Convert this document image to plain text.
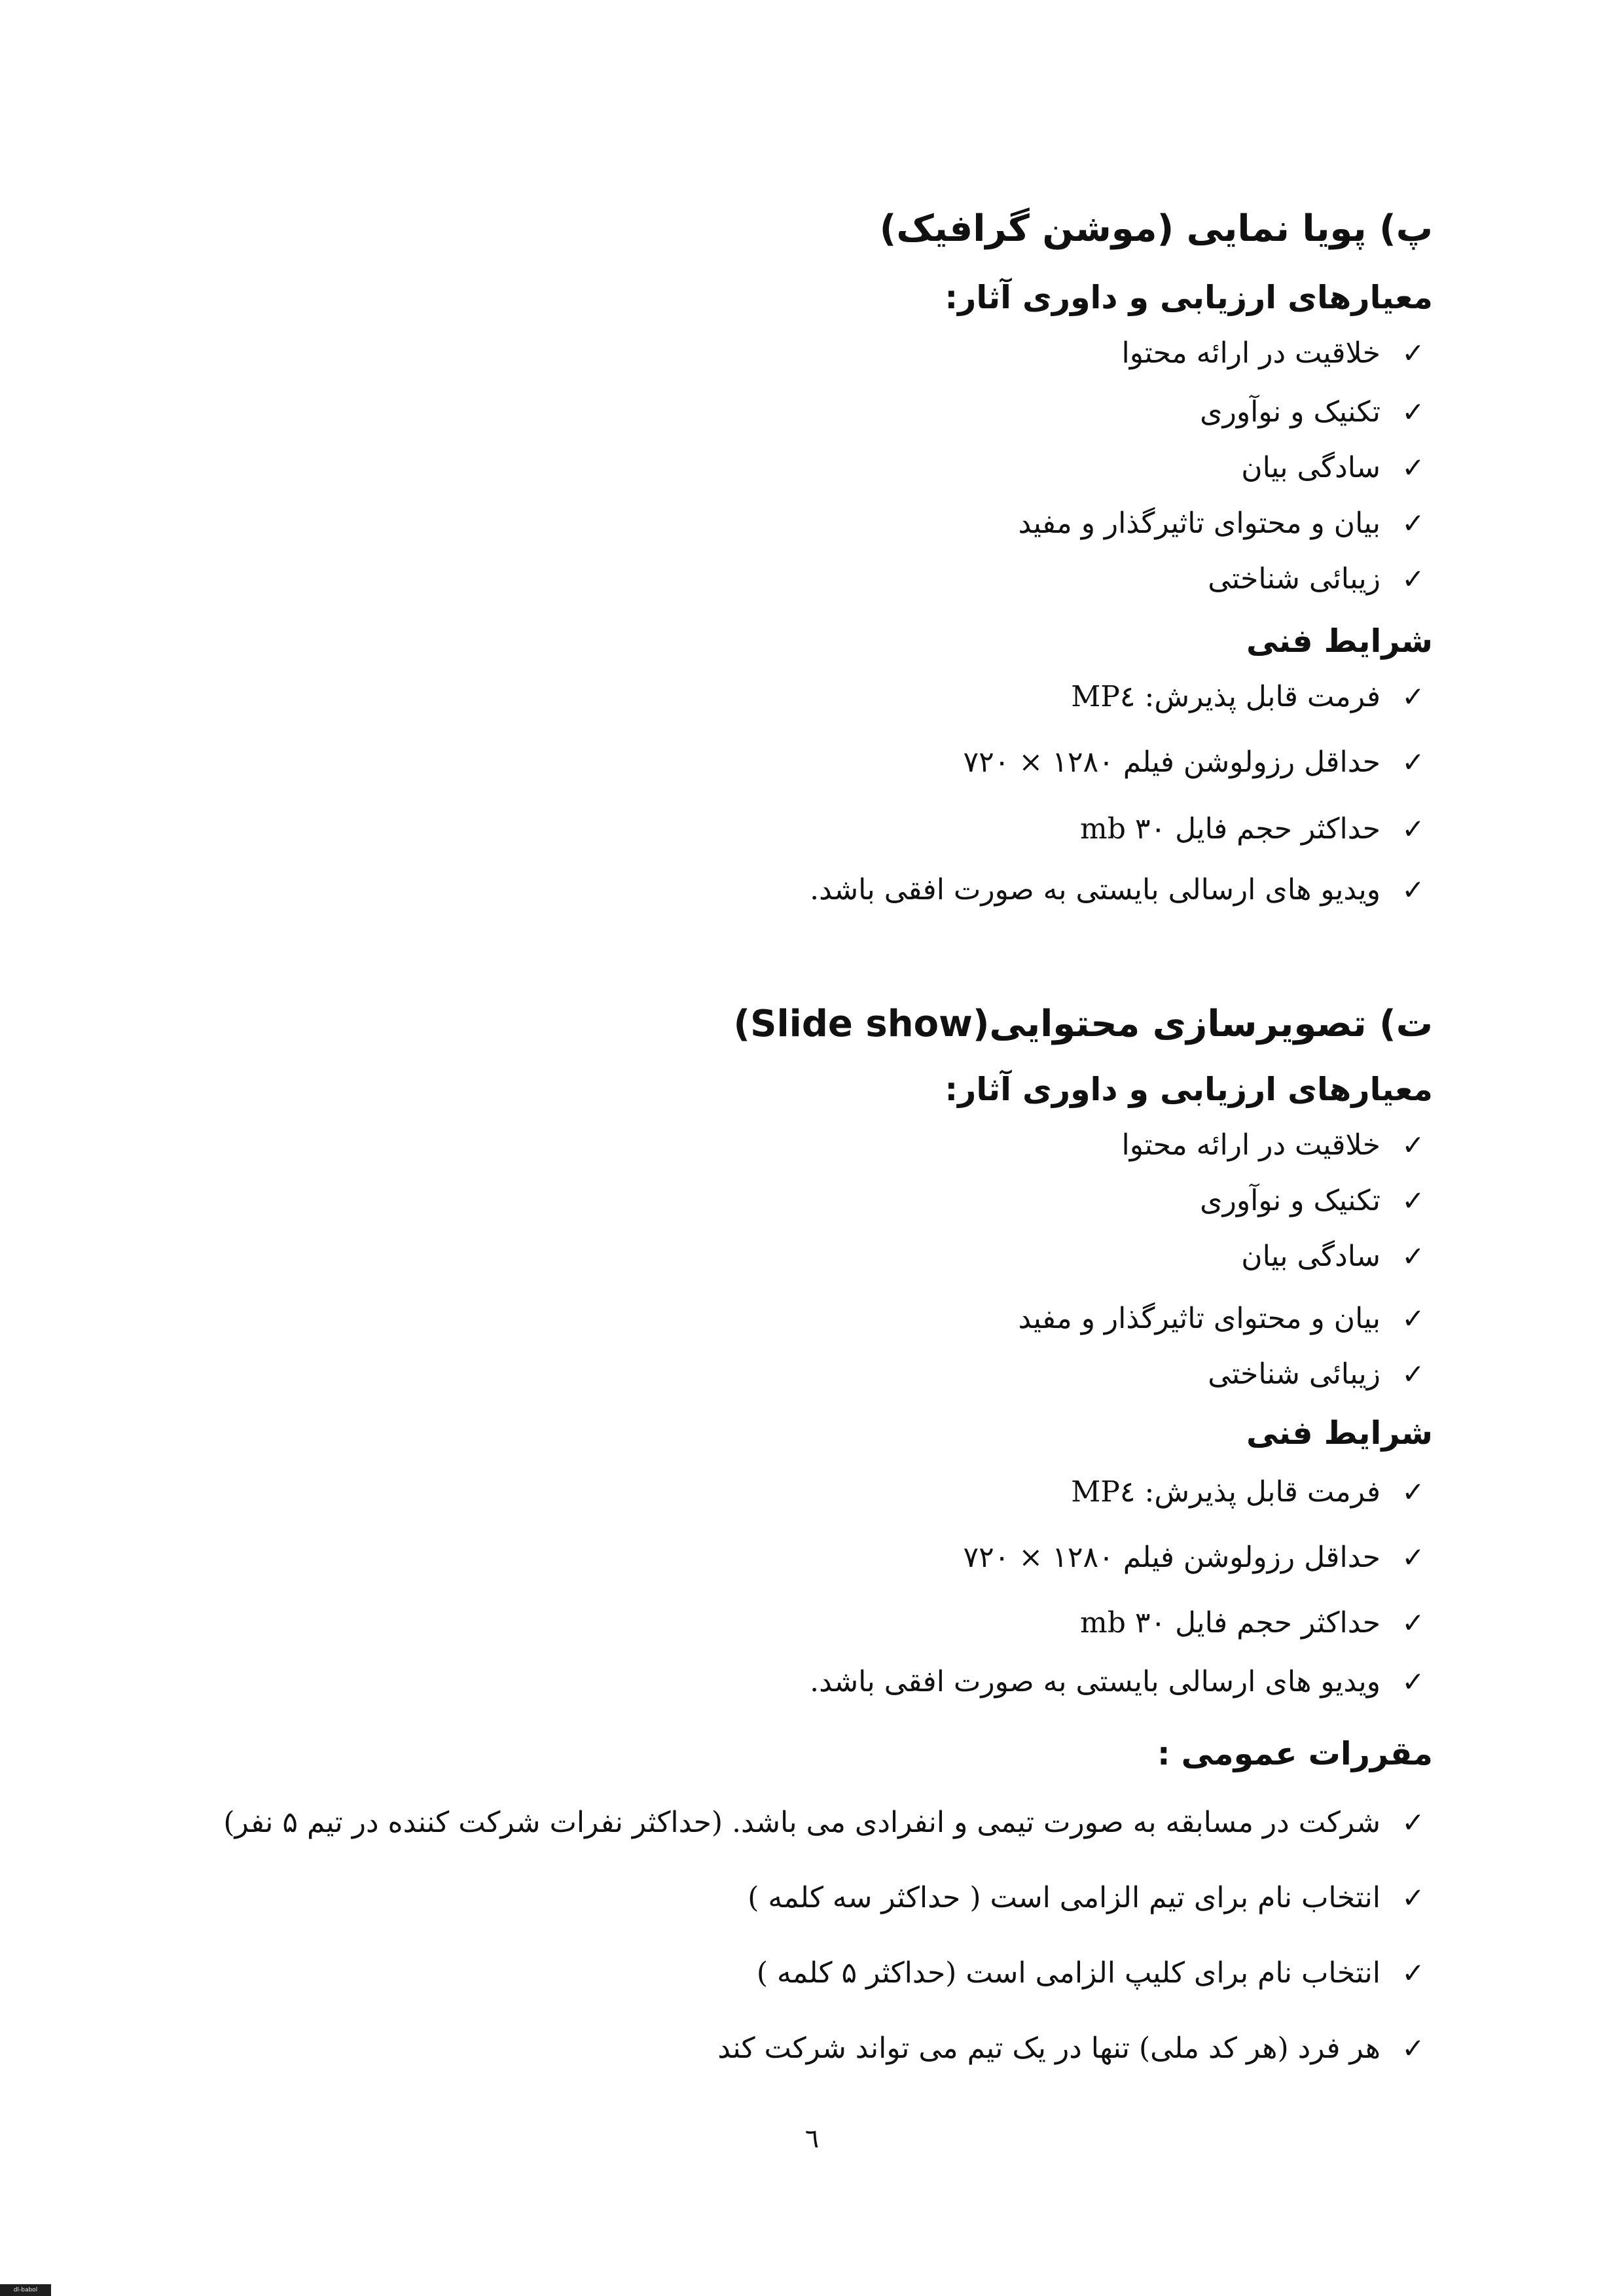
پ) پویا نمایی (موشن گرافیک)
معیارهای ارزیابی و داوری آثار:
✓
خلاقیت در ارائه محتوا
✓
تکنیک و نوآوری
✓
سادگی بیان
✓
بیان و محتوای تاثیرگذار و مفید
✓
زیبائی شناختی
شرایط فنی
✓
فرمت قابل پذیرش: MP٤
✓
حداقل رزولوشن فیلم ۱۲۸۰ × ۷۲۰
✓
حداکثر حجم فایل ۳۰ mb
✓
ویدیو های ارسالی بایستی به صورت افقی باشد.
ت) تصویرسازی محتوایی(Slide show)
معیارهای ارزیابی و داوری آثار:
✓
خلاقیت در ارائه محتوا
✓
تکنیک و نوآوری
✓
سادگی بیان
✓
بیان و محتوای تاثیرگذار و مفید
✓
زیبائی شناختی
شرایط فنی
✓
فرمت قابل پذیرش: MP٤
✓
حداقل رزولوشن فیلم ۱۲۸۰ × ۷۲۰
✓
حداکثر حجم فایل ۳۰ mb
✓
ویدیو های ارسالی بایستی به صورت افقی باشد.
مقررات عمومی :
✓
شرکت در مسابقه به صورت تیمی و انفرادی می باشد. (حداکثر نفرات شرکت کننده در تیم ۵ نفر)
✓
انتخاب نام برای تیم الزامی است ( حداکثر سه کلمه )
✓
انتخاب نام برای کلیپ الزامی است (حداکثر ۵ کلمه )
✓
هر فرد (هر کد ملی) تنها در یک تیم می تواند شرکت کند
٦
dl-babol
